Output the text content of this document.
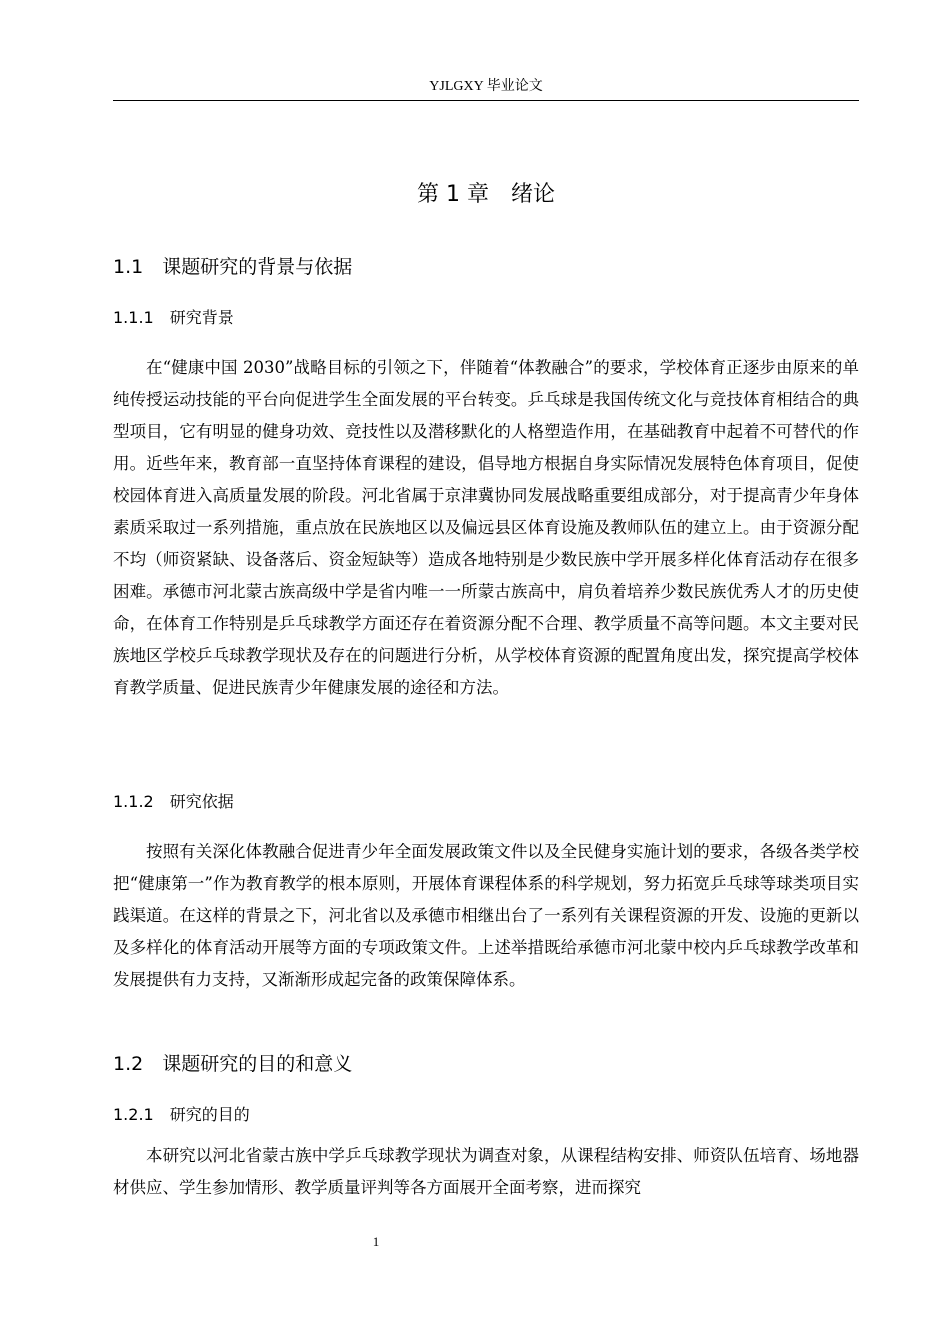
YJLGXY 毕业论文
第 1 章　绪论
1.1　课题研究的背景与依据
1.1.1　研究背景

在“健康中国 2030”战略目标的引领之下，伴随着“体教融合”的要求，学校体育正逐步由原来的单纯传授运动技能的平台向促进学生全面发展的平台转变。乒乓球是我国传统文化与竞技体育相结合的典型项目，它有明显的健身功效、竞技性以及潜移默化的人格塑造作用，在基础教育中起着不可替代的作用。近些年来，教育部一直坚持体育课程的建设，倡导地方根据自身实际情况发展特色体育项目，促使校园体育进入高质量发展的阶段。河北省属于京津冀协同发展战略重要组成部分，对于提高青少年身体素质采取过一系列措施，重点放在民族地区以及偏远县区体育设施及教师队伍的建立上。由于资源分配不均（师资紧缺、设备落后、资金短缺等）造成各地特别是少数民族中学开展多样化体育活动存在很多困难。承德市河北蒙古族高级中学是省内唯一一所蒙古族高中，肩负着培养少数民族优秀人才的历史使命，在体育工作特别是乒乓球教学方面还存在着资源分配不合理、教学质量不高等问题。本文主要对民族地区学校乒乓球教学现状及存在的问题进行分析，从学校体育资源的配置角度出发，探究提高学校体育教学质量、促进民族青少年健康发展的途径和方法。

1.1.2　研究依据

按照有关深化体教融合促进青少年全面发展政策文件以及全民健身实施计划的要求，各级各类学校把“健康第一”作为教育教学的根本原则，开展体育课程体系的科学规划，努力拓宽乒乓球等球类项目实践渠道。在这样的背景之下，河北省以及承德市相继出台了一系列有关课程资源的开发、设施的更新以及多样化的体育活动开展等方面的专项政策文件。上述举措既给承德市河北蒙中校内乒乓球教学改革和发展提供有力支持，又渐渐形成起完备的政策保障体系。

1.2　课题研究的目的和意义
1.2.1　研究的目的

本研究以河北省蒙古族中学乒乓球教学现状为调查对象，从课程结构安排、师资队伍培育、场地器材供应、学生参加情形、教学质量评判等各方面展开全面考察，进而探究

1
